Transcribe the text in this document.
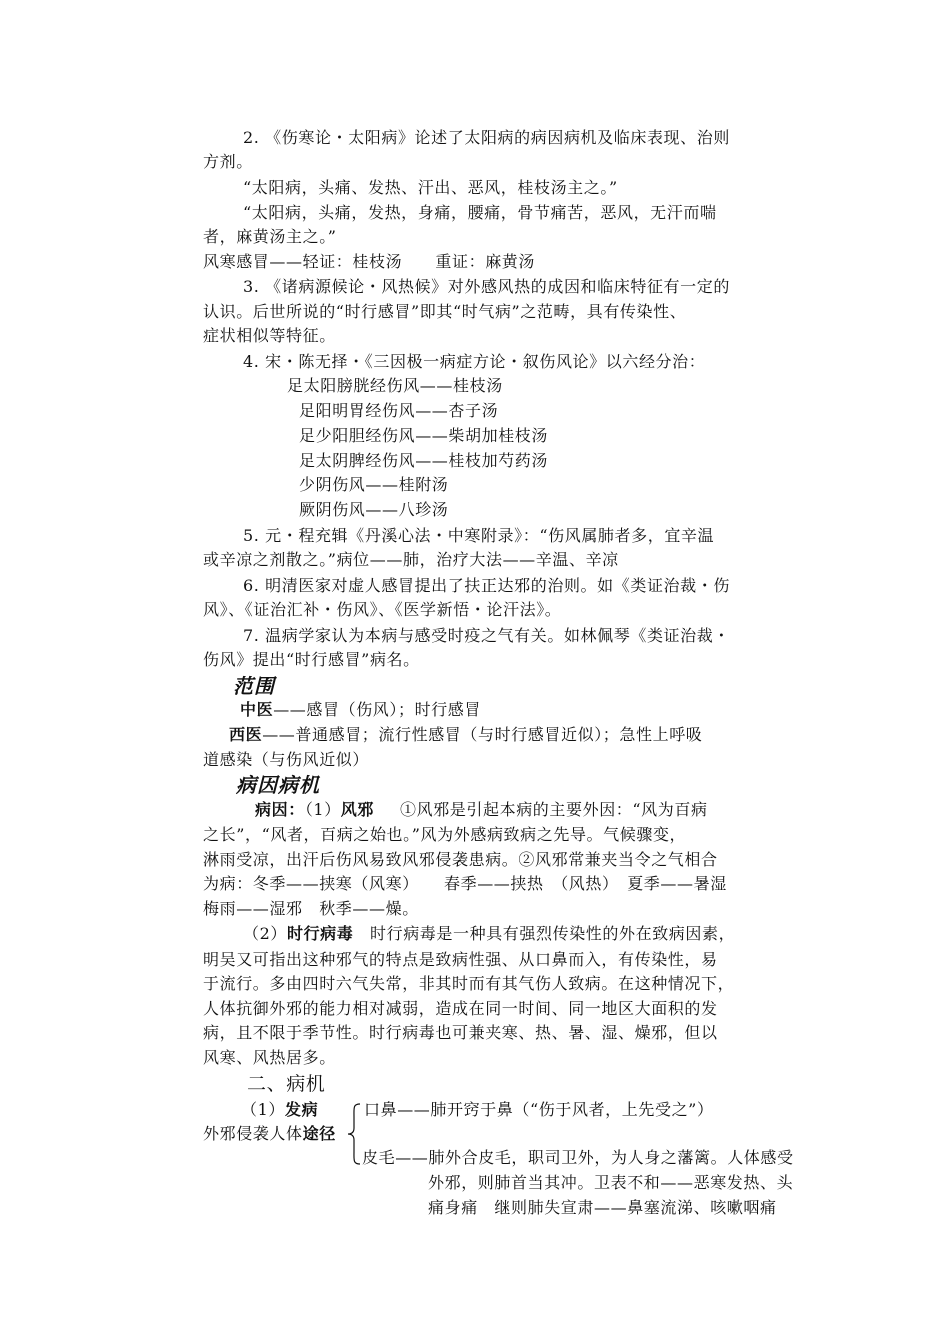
2. 《伤寒论・太阳病》论述了太阳病的病因病机及临床表现、治则
方剂。
“太阳病，头痛、发热、汗出、恶风，桂枝汤主之。”
“太阳病，头痛，发热，身痛，腰痛，骨节痛苦，恶风，无汗而喘
者，麻黄汤主之。”
风寒感冒——轻证：桂枝汤　　重证：麻黄汤
3. 《诸病源候论・风热候》对外感风热的成因和临床特征有一定的
认识。后世所说的“时行感冒”即其“时气病”之范畴，具有传染性、
症状相似等特征。
4. 宋・陈无择・《三因极一病症方论・叙伤风论》以六经分治：
足太阳膀胱经伤风——桂枝汤
足阳明胃经伤风——杏子汤
足少阳胆经伤风——柴胡加桂枝汤
足太阴脾经伤风——桂枝加芍药汤
少阴伤风——桂附汤
厥阴伤风——八珍汤
5. 元・程充辑《丹溪心法・中寒附录》：“伤风属肺者多，宜辛温
或辛凉之剂散之。”病位——肺，治疗大法——辛温、辛凉
6. 明清医家对虚人感冒提出了扶正达邪的治则。如《类证治裁・伤
风》、《证治汇补・伤风》、《医学新悟・论汗法》。
7. 温病学家认为本病与感受时疫之气有关。如林佩琴《类证治裁・
伤风》提出“时行感冒”病名。
范围
中医——感冒（伤风）；时行感冒
西医——普通感冒；流行性感冒（与时行感冒近似）；急性上呼吸
道感染（与伤风近似）
病因病机
病因：（1）风邪 ①风邪是引起本病的主要外因：“风为百病
之长”，“风者，百病之始也。”风为外感病致病之先导。气候骤变，
淋雨受凉，出汗后伤风易致风邪侵袭患病。②风邪常兼夹当令之气相合
为病：冬季——挟寒（风寒）　　春季——挟热　（风热）　夏季——暑湿
梅雨——湿邪　秋季——燥。
（2）时行病毒　时行病毒是一种具有强烈传染性的外在致病因素，
明吴又可指出这种邪气的特点是致病性强、从口鼻而入，有传染性，易
于流行。多由四时六气失常，非其时而有其气伤人致病。在这种情况下，
人体抗御外邪的能力相对减弱，造成在同一时间、同一地区大面积的发
病，且不限于季节性。时行病毒也可兼夹寒、热、暑、湿、燥邪，但以
风寒、风热居多。
二、病机
（1）发病
外邪侵袭人体途径
口鼻——肺开窍于鼻（“伤于风者，上先受之”）
皮毛——肺外合皮毛，职司卫外，为人身之藩篱。人体感受
外邪，则肺首当其冲。卫表不和——恶寒发热、头
痛身痛　继则肺失宣肃——鼻塞流涕、咳嗽咽痛
